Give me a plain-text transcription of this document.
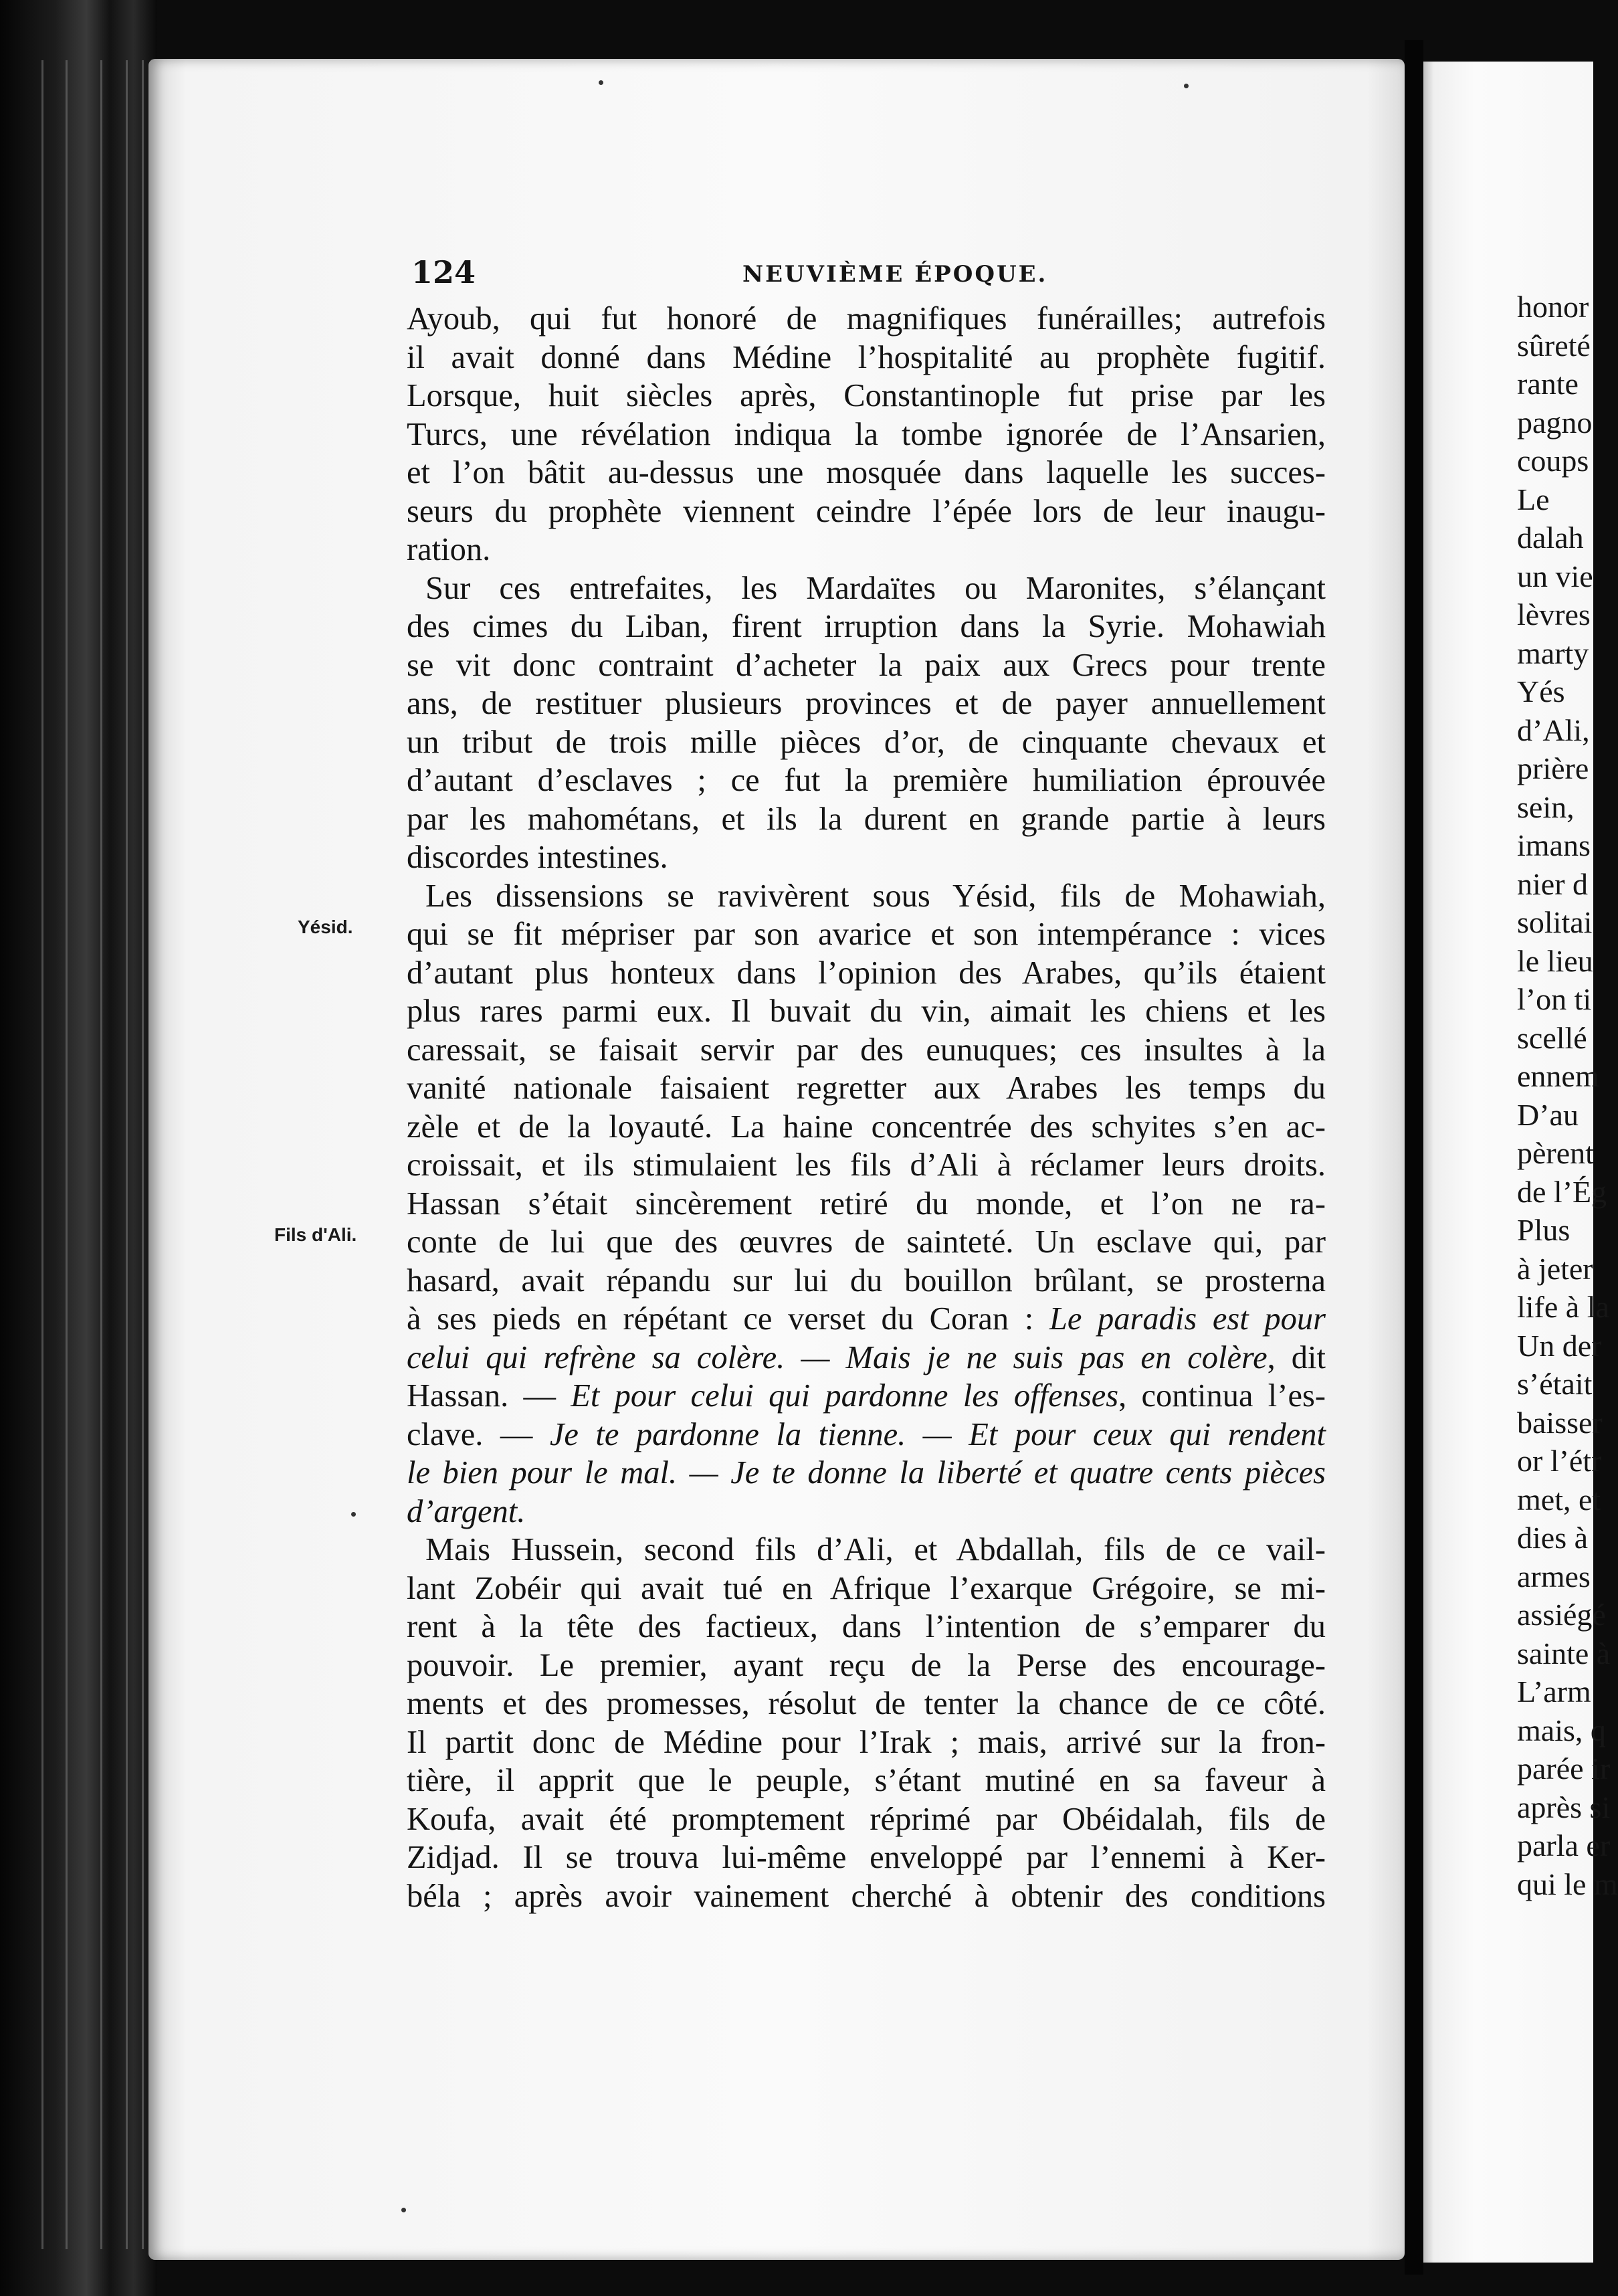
124	NEUVIÈME ÉPOQUE.
Yésid.
Fils d'Ali.
Ayoub, qui fut honoré de magnifiques funérailles; autrefois
il avait donné dans Médine l’hospitalité au prophète fugitif.
Lorsque, huit siècles après, Constantinople fut prise par les
Turcs, une révélation indiqua la tombe ignorée de l’Ansarien,
et l’on bâtit au-dessus une mosquée dans laquelle les succes-
seurs du prophète viennent ceindre l’épée lors de leur inaugu-
ration.
Sur ces entrefaites, les Mardaïtes ou Maronites, s’élançant
des cimes du Liban, firent irruption dans la Syrie. Mohawiah
se vit donc contraint d’acheter la paix aux Grecs pour trente
ans, de restituer plusieurs provinces et de payer annuellement
un tribut de trois mille pièces d’or, de cinquante chevaux et
d’autant d’esclaves ; ce fut la première humiliation éprouvée
par les mahométans, et ils la durent en grande partie à leurs
discordes intestines.
Les dissensions se ravivèrent sous Yésid, fils de Mohawiah,
qui se fit mépriser par son avarice et son intempérance : vices
d’autant plus honteux dans l’opinion des Arabes, qu’ils étaient
plus rares parmi eux. Il buvait du vin, aimait les chiens et les
caressait, se faisait servir par des eunuques; ces insultes à la
vanité nationale faisaient regretter aux Arabes les temps du
zèle et de la loyauté. La haine concentrée des schyites s’en ac-
croissait, et ils stimulaient les fils d’Ali à réclamer leurs droits.
Hassan s’était sincèrement retiré du monde, et l’on ne ra-
conte de lui que des œuvres de sainteté. Un esclave qui, par
hasard, avait répandu sur lui du bouillon brûlant, se prosterna
à ses pieds en répétant ce verset du Coran : Le paradis est pour
celui qui refrène sa colère. — Mais je ne suis pas en colère, dit
Hassan. — Et pour celui qui pardonne les offenses, continua l’es-
clave. — Je te pardonne la tienne. — Et pour ceux qui rendent
le bien pour le mal. — Je te donne la liberté et quatre cents pièces
d’argent.
Mais Hussein, second fils d’Ali, et Abdallah, fils de ce vail-
lant Zobéir qui avait tué en Afrique l’exarque Grégoire, se mi-
rent à la tête des factieux, dans l’intention de s’emparer du
pouvoir. Le premier, ayant reçu de la Perse des encourage-
ments et des promesses, résolut de tenter la chance de ce côté.
Il partit donc de Médine pour l’Irak ; mais, arrivé sur la fron-
tière, il apprit que le peuple, s’étant mutiné en sa faveur à
Koufa, avait été promptement réprimé par Obéidalah, fils de
Zidjad. Il se trouva lui-même enveloppé par l’ennemi à Ker-
béla ; après avoir vainement cherché à obtenir des conditions
honor
sûreté
rante
pagno
coups
Le
dalah
un vie
lèvres
marty
Yés
d’Ali,
prière
sein,
imans
nier d
solitai
le lieu
l’on ti
scellé
ennem
D’au
pèrent
de l’Ég
Plus
à jeter
life à la
Un der
s’était
baisser
or l’étr
met, et
dies à
armes
assiégé
sainte à
L’arm
mais, q
parée ir
après si
parla er
qui le m
